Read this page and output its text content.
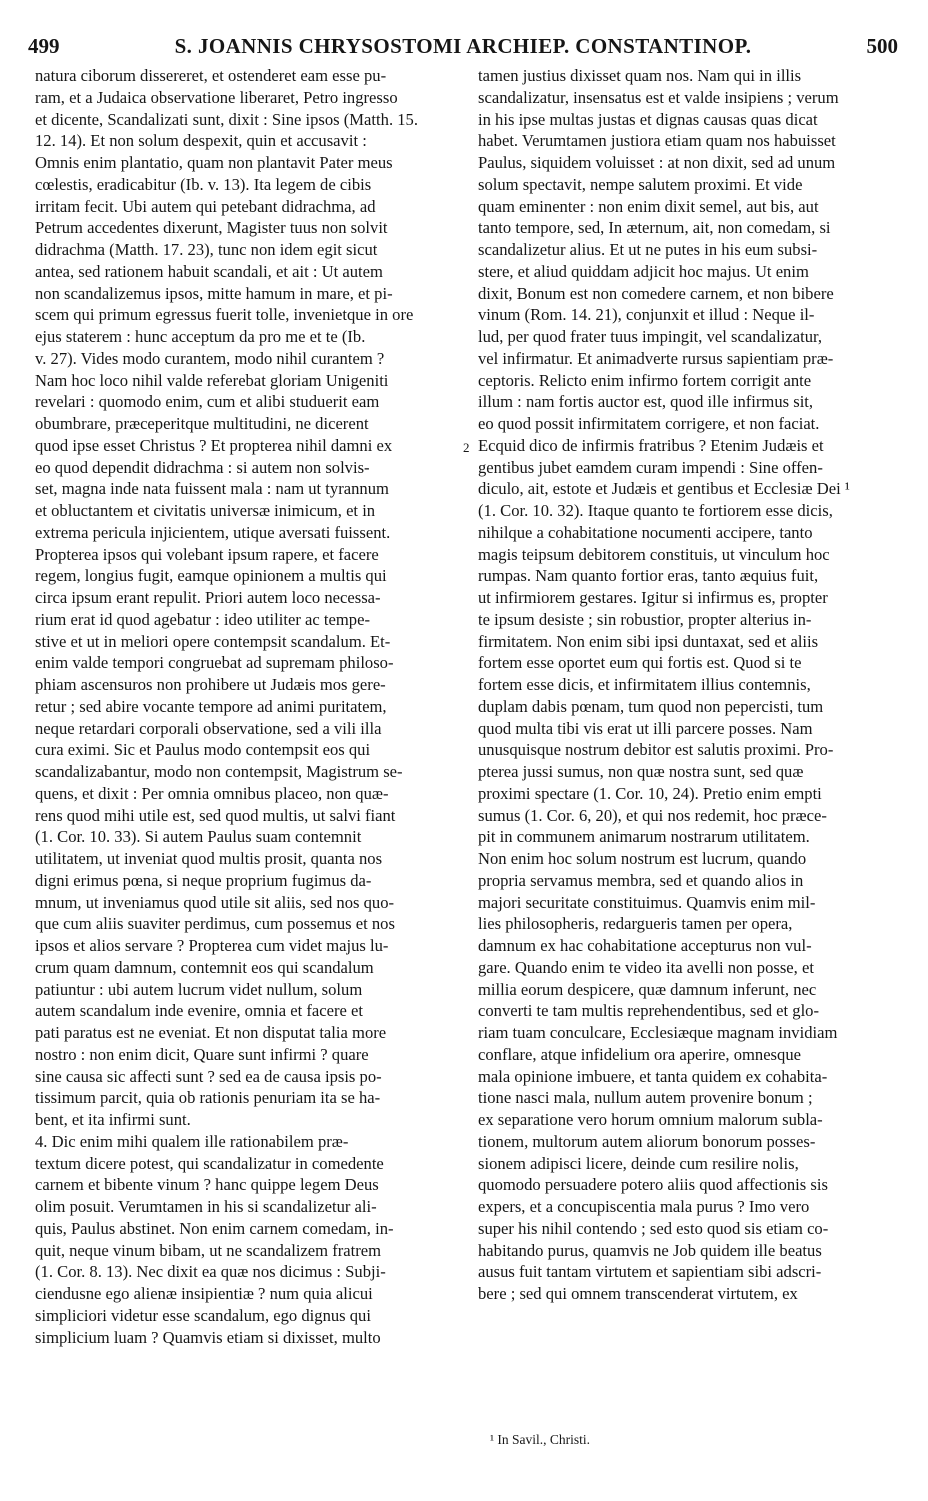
499	S. JOANNIS CHRYSOSTOMI ARCHIEP. CONSTANTINOP.	500
natura ciborum dissereret, et ostenderet eam esse pu-
ram, et a Judaica observatione liberaret, Petro ingresso
et dicente, Scandalizati sunt, dixit : Sine ipsos (Matth. 15.
12. 14). Et non solum despexit, quin et accusavit :
Omnis enim plantatio, quam non plantavit Pater meus
cœlestis, eradicabitur (Ib. v. 13). Ita legem de cibis
irritam fecit. Ubi autem qui petebant didrachma, ad
Petrum accedentes dixerunt, Magister tuus non solvit
didrachma (Matth. 17. 23), tunc non idem egit sicut
antea, sed rationem habuit scandali, et ait : Ut autem
non scandalizemus ipsos, mitte hamum in mare, et pi-
scem qui primum egressus fuerit tolle, invenietque in ore
ejus staterem : hunc acceptum da pro me et te (Ib.
v. 27). Vides modo curantem, modo nihil curantem ?
Nam hoc loco nihil valde referebat gloriam Unigeniti
revelari : quomodo enim, cum et alibi studuerit eam
obumbrare, præceperitque multitudini, ne dicerent
quod ipse esset Christus ? Et propterea nihil damni ex
eo quod dependit didrachma : si autem non solvis-
set, magna inde nata fuissent mala : nam ut tyrannum
et obluctantem et civitatis universæ inimicum, et in
extrema pericula injicientem, utique aversati fuissent.
Propterea ipsos qui volebant ipsum rapere, et facere
regem, longius fugit, eamque opinionem a multis qui
circa ipsum erant repulit. Priori autem loco necessa-
rium erat id quod agebatur : ideo utiliter ac tempe-
stive et ut in meliori opere contempsit scandalum. Et-
enim valde tempori congruebat ad supremam philoso-
phiam ascensuros non prohibere ut Judæis mos gere-
retur ; sed abire vocante tempore ad animi puritatem,
neque retardari corporali observatione, sed a vili illa
cura eximi. Sic et Paulus modo contempsit eos qui
scandalizabantur, modo non contempsit, Magistrum se-
quens, et dixit : Per omnia omnibus placeo, non quæ-
rens quod mihi utile est, sed quod multis, ut salvi fiant
(1. Cor. 10. 33). Si autem Paulus suam contemnit
utilitatem, ut inveniat quod multis prosit, quanta nos
digni erimus pœna, si neque proprium fugimus da-
mnum, ut inveniamus quod utile sit aliis, sed nos quo-
que cum aliis suaviter perdimus, cum possemus et nos
ipsos et alios servare ? Propterea cum videt majus lu-
crum quam damnum, contemnit eos qui scandalum
patiuntur : ubi autem lucrum videt nullum, solum
autem scandalum inde evenire, omnia et facere et
pati paratus est ne eveniat. Et non disputat talia more
nostro : non enim dicit, Quare sunt infirmi ? quare
sine causa sic affecti sunt ? sed ea de causa ipsis po-
tissimum parcit, quia ob rationis penuriam ita se ha-
bent, et ita infirmi sunt.
4. Dic enim mihi qualem ille rationabilem præ-
textum dicere potest, qui scandalizatur in comedente
carnem et bibente vinum ? hanc quippe legem Deus
olim posuit. Verumtamen in his si scandalizetur ali-
quis, Paulus abstinet. Non enim carnem comedam, in-
quit, neque vinum bibam, ut ne scandalizem fratrem
(1. Cor. 8. 13). Nec dixit ea quæ nos dicimus : Subji-
ciendusne ego alienæ insipientiæ ? num quia alicui
simpliciori videtur esse scandalum, ego dignus qui
simplicium luam ? Quamvis etiam si dixisset, multo
tamen justius dixisset quam nos. Nam qui in illis
scandalizatur, insensatus est et valde insipiens ; verum
in his ipse multas justas et dignas causas quas dicat
habet. Verumtamen justiora etiam quam nos habuisset
Paulus, siquidem voluisset : at non dixit, sed ad unum
solum spectavit, nempe salutem proximi. Et vide
quam eminenter : non enim dixit semel, aut bis, aut
tanto tempore, sed, In æternum, ait, non comedam, si
scandalizetur alius. Et ut ne putes in his eum subsi-
stere, et aliud quiddam adjicit hoc majus. Ut enim
dixit, Bonum est non comedere carnem, et non bibere
vinum (Rom. 14. 21), conjunxit et illud : Neque il-
lud, per quod frater tuus impingit, vel scandalizatur,
vel infirmatur. Et animadverte rursus sapientiam præ-
ceptoris. Relicto enim infirmo fortem corrigit ante
illum : nam fortis auctor est, quod ille infirmus sit,
eo quod possit infirmitatem corrigere, et non faciat.
Ecquid dico de infirmis fratribus ? Etenim Judæis et
gentibus jubet eamdem curam impendi : Sine offen-
diculo, ait, estote et Judæis et gentibus et Ecclesiæ Dei ¹
(1. Cor. 10. 32). Itaque quanto te fortiorem esse dicis,
nihilque a cohabitatione nocumenti accipere, tanto
magis teipsum debitorem constituis, ut vinculum hoc
rumpas. Nam quanto fortior eras, tanto æquius fuit,
ut infirmiorem gestares. Igitur si infirmus es, propter
te ipsum desiste ; sin robustior, propter alterius in-
firmitatem. Non enim sibi ipsi duntaxat, sed et aliis
fortem esse oportet eum qui fortis est. Quod si te
fortem esse dicis, et infirmitatem illius contemnis,
duplam dabis pœnam, tum quod non pepercisti, tum
quod multa tibi vis erat ut illi parcere posses. Nam
unusquisque nostrum debitor est salutis proximi. Pro-
pterea jussi sumus, non quæ nostra sunt, sed quæ
proximi spectare (1. Cor. 10, 24). Pretio enim empti
sumus (1. Cor. 6, 20), et qui nos redemit, hoc præce-
pit in communem animarum nostrarum utilitatem.
Non enim hoc solum nostrum est lucrum, quando
propria servamus membra, sed et quando alios in
majori securitate constituimus. Quamvis enim mil-
lies philosopheris, redargueris tamen per opera,
damnum ex hac cohabitatione accepturus non vul-
gare. Quando enim te video ita avelli non posse, et
millia eorum despicere, quæ damnum inferunt, nec
converti te tam multis reprehendentibus, sed et glo-
riam tuam conculcare, Ecclesiæque magnam invidiam
conflare, atque infidelium ora aperire, omnesque
mala opinione imbuere, et tanta quidem ex cohabita-
tione nasci mala, nullum autem provenire bonum ;
ex separatione vero horum omnium malorum sublа-
tionem, multorum autem aliorum bonorum posses-
sionem adipisci licere, deinde cum resilire nolis,
quomodo persuadere potero aliis quod affectionis sis
expers, et a concupiscentia mala purus ? Imo vero
super his nihil contendo ; sed esto quod sis etiam co-
habitando purus, quamvis ne Job quidem ille beatus
ausus fuit tantam virtutem et sapientiam sibi adscri-
bere ; sed qui omnem transcenderat virtutem, ex
2
¹ In Savil., Christi.
